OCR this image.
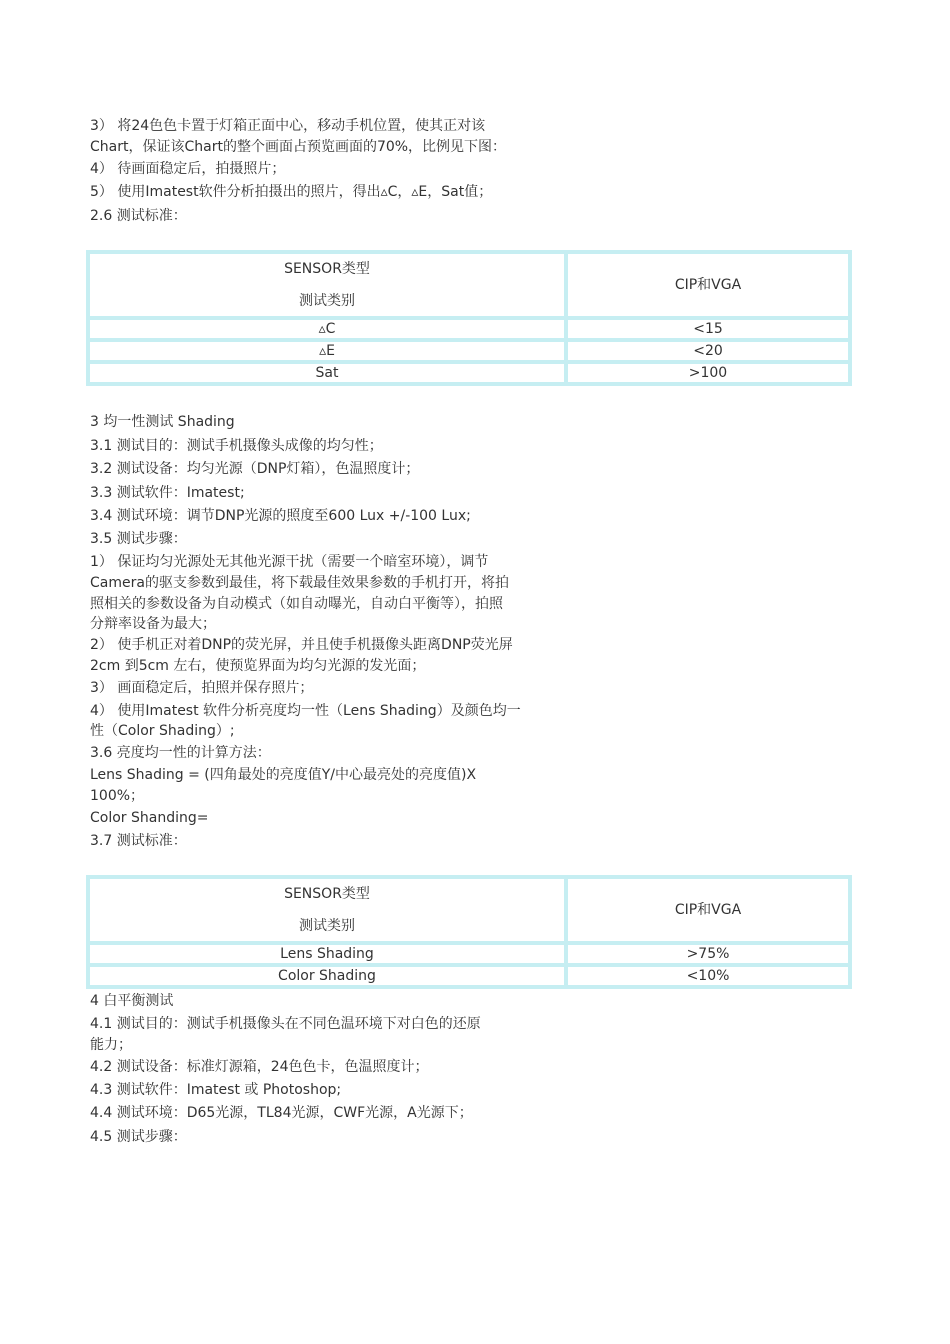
3） 将24色色卡置于灯箱正面中心，移动手机位置，使其正对该

Chart，保证该Chart的整个画面占预览画面的70%，比例见下图：

4） 待画面稳定后，拍摄照片；

5） 使用Imatest软件分析拍摄出的照片，得出▵C，▵E，Sat值；

2.6 测试标准：

SENSOR类型
测试类别	CIP和VGA
▵C	<15
▵E	<20
Sat	>100

3 均一性测试 Shading

3.1 测试目的：测试手机摄像头成像的均匀性；

3.2 测试设备：均匀光源（DNP灯箱），色温照度计；

3.3 测试软件：Imatest;

3.4 测试环境：调节DNP光源的照度至600 Lux +/-100 Lux;

3.5 测试步骤：

1） 保证均匀光源处无其他光源干扰（需要一个暗室环境），调节

Camera的驱支参数到最佳，将下载最佳效果参数的手机打开，将拍

照相关的参数设备为自动模式（如自动曝光，自动白平衡等），拍照

分辩率设备为最大；

2） 使手机正对着DNP的荧光屏，并且使手机摄像头距离DNP荧光屏

2cm 到5cm 左右，使预览界面为均匀光源的发光面；

3） 画面稳定后，拍照并保存照片；

4） 使用Imatest 软件分析亮度均一性（Lens Shading）及颜色均一

性（Color Shading）;

3.6 亮度均一性的计算方法：

Lens Shading = (四角最处的亮度值Y/中心最亮处的亮度值)X

100%；

Color Shanding=

3.7 测试标准：

SENSOR类型
测试类别	CIP和VGA
Lens Shading	>75%
Color Shading	<10%

4 白平衡测试

4.1 测试目的：测试手机摄像头在不同色温环境下对白色的还原

能力；

4.2 测试设备：标准灯源箱，24色色卡，色温照度计；

4.3 测试软件：Imatest 或 Photoshop;

4.4 测试环境：D65光源，TL84光源，CWF光源，A光源下；

4.5 测试步骤：
